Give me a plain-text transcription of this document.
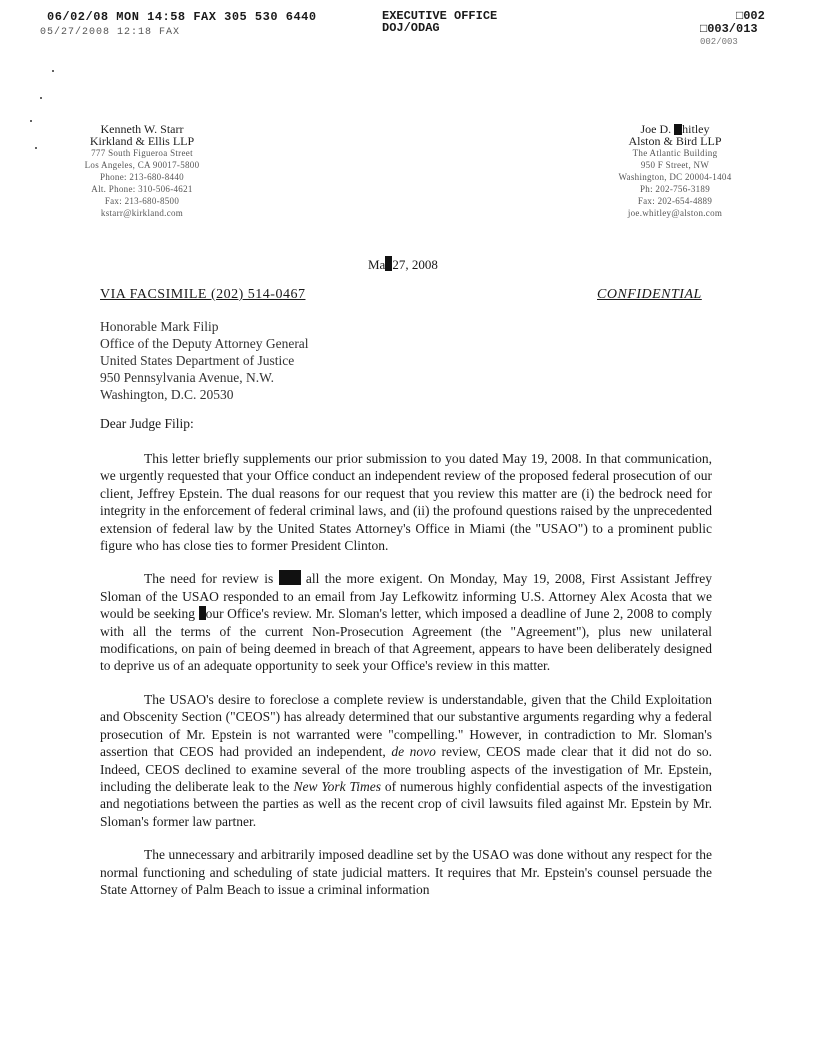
06/02/08 MON 14:58 FAX 305 530 6440
05/27/2008 12:18 FAX
EXECUTIVE OFFICE
DOJ/ODAG
□002
□003/013
002/003
Kenneth W. Starr
Kirkland & Ellis LLP
777 South Figueroa Street
Los Angeles, CA 90017-5800
Phone: 213-680-8440
Alt. Phone: 310-506-4621
Fax: 213-680-8500
kstarr@kirkland.com
Joe D. hitley
Alston & Bird LLP
The Atlantic Building
950 F Street, NW
Washington, DC 20004-1404
Ph: 202-756-3189
Fax: 202-654-4889
joe.whitley@alston.com
Ma 27, 2008
VIA FACSIMILE (202) 514-0467	CONFIDENTIAL
Honorable Mark Filip
Office of the Deputy Attorney General
United States Department of Justice
950 Pennsylvania Avenue, N.W.
Washington, D.C. 20530
Dear Judge Filip:

This letter briefly supplements our prior submission to you dated May 19, 2008. In that communication, we urgently requested that your Office conduct an independent review of the proposed federal prosecution of our client, Jeffrey Epstein. The dual reasons for our request that you review this matter are (i) the bedrock need for integrity in the enforcement of federal criminal laws, and (ii) the profound questions raised by the unprecedented extension of federal law by the United States Attorney's Office in Miami (the "USAO") to a prominent public figure who has close ties to former President Clinton.

The need for review is all the more exigent. On Monday, May 19, 2008, First Assistant Jeffrey Sloman of the USAO responded to an email from Jay Lefkowitz informing U.S. Attorney Alex Acosta that we would be seeking our Office's review. Mr. Sloman's letter, which imposed a deadline of June 2, 2008 to comply with all the terms of the current Non-Prosecution Agreement (the "Agreement"), plus new unilateral modifications, on pain of being deemed in breach of that Agreement, appears to have been deliberately designed to deprive us of an adequate opportunity to seek your Office's review in this matter.

The USAO's desire to foreclose a complete review is understandable, given that the Child Exploitation and Obscenity Section ("CEOS") has already determined that our substantive arguments regarding why a federal prosecution of Mr. Epstein is not warranted were "compelling." However, in contradiction to Mr. Sloman's assertion that CEOS had provided an independent, de novo review, CEOS made clear that it did not do so. Indeed, CEOS declined to examine several of the more troubling aspects of the investigation of Mr. Epstein, including the deliberate leak to the New York Times of numerous highly confidential aspects of the investigation and negotiations between the parties as well as the recent crop of civil lawsuits filed against Mr. Epstein by Mr. Sloman's former law partner.

The unnecessary and arbitrarily imposed deadline set by the USAO was done without any respect for the normal functioning and scheduling of state judicial matters. It requires that Mr. Epstein's counsel persuade the State Attorney of Palm Beach to issue a criminal information
